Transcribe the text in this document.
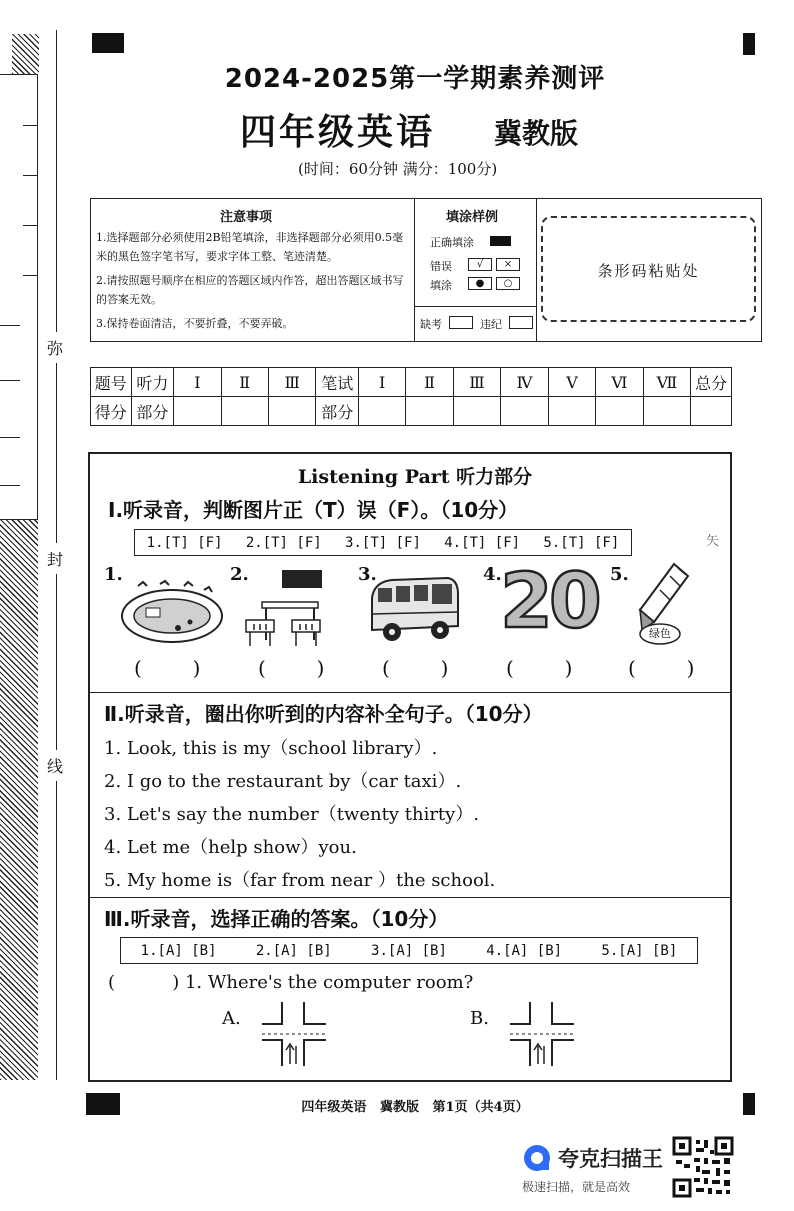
弥
封
线
2024-2025第一学期素养测评
四年级英语 冀教版
(时间：60分钟 满分：100分)
注意事项
1.选择题部分必须使用2B铅笔填涂，非选择题部分必须用0.5毫米的黑色签字笔书写，要求字体工整、笔迹清楚。
2.请按照题号顺序在相应的答题区域内作答，超出答题区域书写的答案无效。
3.保持卷面清洁，不要折叠，不要弄破。
填涂样例
正确填涂
错误
填涂
√	×
●	○
缺考	违纪
条形码粘贴处
题号	听力	Ⅰ	Ⅱ	Ⅲ	笔试	Ⅰ	Ⅱ	Ⅲ	Ⅳ	Ⅴ	Ⅵ	Ⅶ	总分
得分	部分				部分								
Listening Part 听力部分
Ⅰ.听录音，判断图片正（T）误（F）。（10分）
1.[T] [F] 2.[T] [F] 3.[T] [F] 4.[T] [F] 5.[T] [F]	矢
1.	2.	3.	4.	5.
20	绿色
(        )	(        )	(        )	(        )	(        )
Ⅱ.听录音，圈出你听到的内容补全句子。（10分）
1. Look, this is my（school library）.
2. I go to the restaurant by（car taxi）.
3. Let's say the number（twenty thirty）.
4. Let me（help show）you.
5. My home is（far from near ）the school.
Ⅲ.听录音，选择正确的答案。（10分）
1.[A] [B]	2.[A] [B]	3.[A] [B]	4.[A] [B]	5.[A] [B]
(          ) 1. Where's the computer room?
A.	B.
四年级英语   冀教版   第1页（共4页）
夸克扫描王
极速扫描，就是高效
